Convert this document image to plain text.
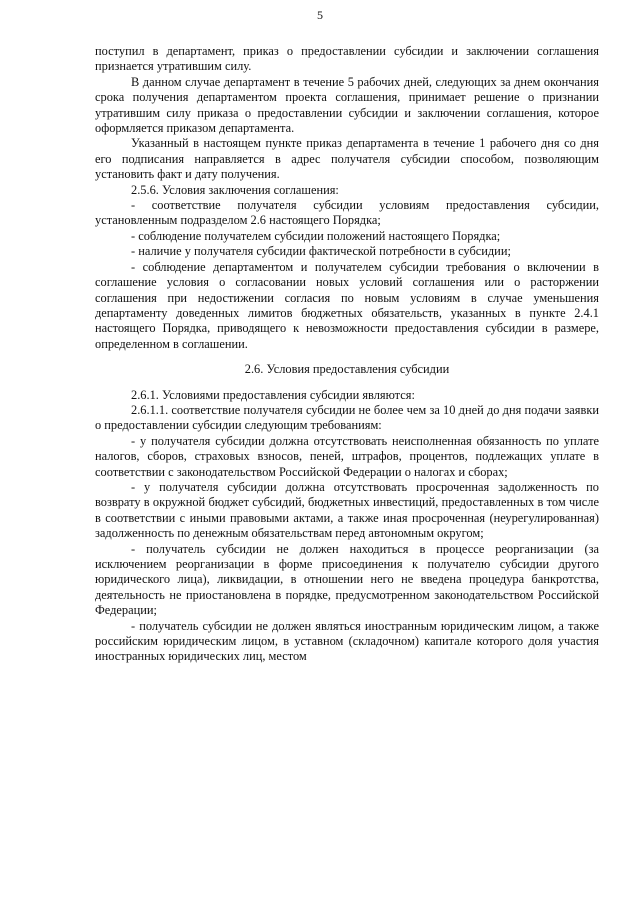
5

поступил в департамент, приказ о предоставлении субсидии и заключении соглашения признается утратившим силу.

В данном случае департамент в течение 5 рабочих дней, следующих за днем окончания срока получения департаментом проекта соглашения, принимает решение о признании утратившим силу приказа о предоставлении субсидии и заключении соглашения, которое оформляется приказом департамента.

Указанный в настоящем пункте приказ департамента в течение 1 рабочего дня со дня его подписания направляется в адрес получателя субсидии способом, позволяющим установить факт и дату получения.

2.5.6. Условия заключения соглашения:

- соответствие получателя субсидии условиям предоставления субсидии, установленным подразделом 2.6 настоящего Порядка;

- соблюдение получателем субсидии положений настоящего Порядка;

- наличие у получателя субсидии фактической потребности в субсидии;

- соблюдение департаментом и получателем субсидии требования о включении в соглашение условия о согласовании новых условий соглашения или о расторжении соглашения при недостижении согласия по новым условиям в случае уменьшения департаменту доведенных лимитов бюджетных обязательств, указанных в пункте 2.4.1 настоящего Порядка, приводящего к невозможности предоставления субсидии в размере, определенном в соглашении.

2.6. Условия предоставления субсидии

2.6.1. Условиями предоставления субсидии являются:

2.6.1.1. соответствие получателя субсидии не более чем за 10 дней до дня подачи заявки о предоставлении субсидии следующим требованиям:

- у получателя субсидии должна отсутствовать неисполненная обязанность по уплате налогов, сборов, страховых взносов, пеней, штрафов, процентов, подлежащих уплате в соответствии с законодательством Российской Федерации о налогах и сборах;

- у получателя субсидии должна отсутствовать просроченная задолженность по возврату в окружной бюджет субсидий, бюджетных инвестиций, предоставленных в том числе в соответствии с иными правовыми актами, а также иная просроченная (неурегулированная) задолженность по денежным обязательствам перед автономным округом;

- получатель субсидии не должен находиться в процессе реорганизации (за исключением реорганизации в форме присоединения к получателю субсидии другого юридического лица), ликвидации, в отношении него не введена процедура банкротства, деятельность не приостановлена в порядке, предусмотренном законодательством Российской Федерации;

- получатель субсидии не должен являться иностранным юридическим лицом, а также российским юридическим лицом, в уставном (складочном) капитале которого доля участия иностранных юридических лиц, местом
